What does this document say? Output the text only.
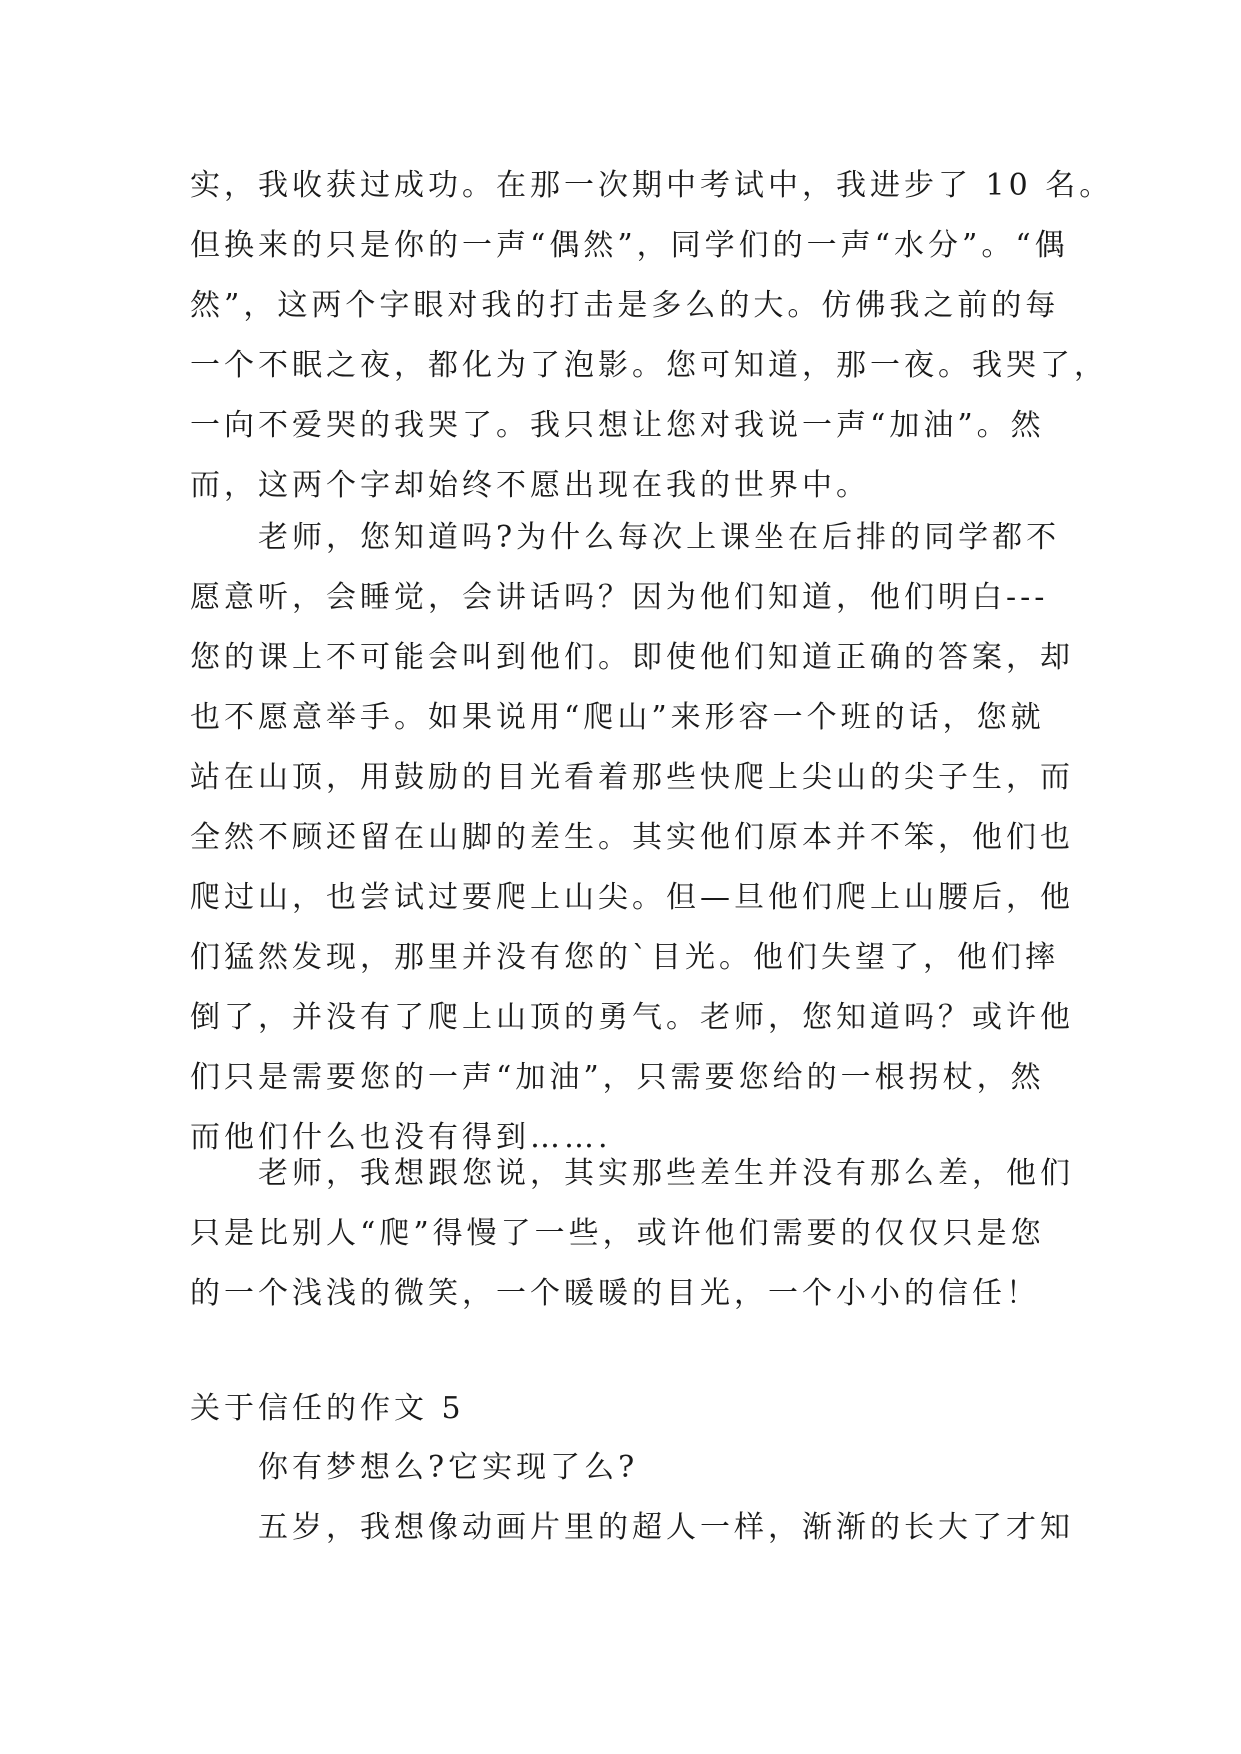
实，我收获过成功。在那一次期中考试中，我进步了 10 名。
但换来的只是你的一声“偶然”，同学们的一声“水分”。“偶
然”，这两个字眼对我的打击是多么的大。仿佛我之前的每
一个不眠之夜，都化为了泡影。您可知道，那一夜。我哭了，
一向不爱哭的我哭了。我只想让您对我说一声“加油”。然
而，这两个字却始终不愿出现在我的世界中。
老师，您知道吗?为什么每次上课坐在后排的同学都不
愿意听，会睡觉，会讲话吗？因为他们知道，他们明白---
您的课上不可能会叫到他们。即使他们知道正确的答案，却
也不愿意举手。如果说用“爬山”来形容一个班的话，您就
站在山顶，用鼓励的目光看着那些快爬上尖山的尖子生，而
全然不顾还留在山脚的差生。其实他们原本并不笨，他们也
爬过山，也尝试过要爬上山尖。但—旦他们爬上山腰后，他
们猛然发现，那里并没有您的`目光。他们失望了，他们摔
倒了，并没有了爬上山顶的勇气。老师，您知道吗？或许他
们只是需要您的一声“加油”，只需要您给的一根拐杖，然
而他们什么也没有得到…….
老师，我想跟您说，其实那些差生并没有那么差，他们
只是比别人“爬”得慢了一些，或许他们需要的仅仅只是您
的一个浅浅的微笑，一个暖暖的目光，一个小小的信任！
关于信任的作文 5
你有梦想么?它实现了么?
五岁，我想像动画片里的超人一样，渐渐的长大了才知
